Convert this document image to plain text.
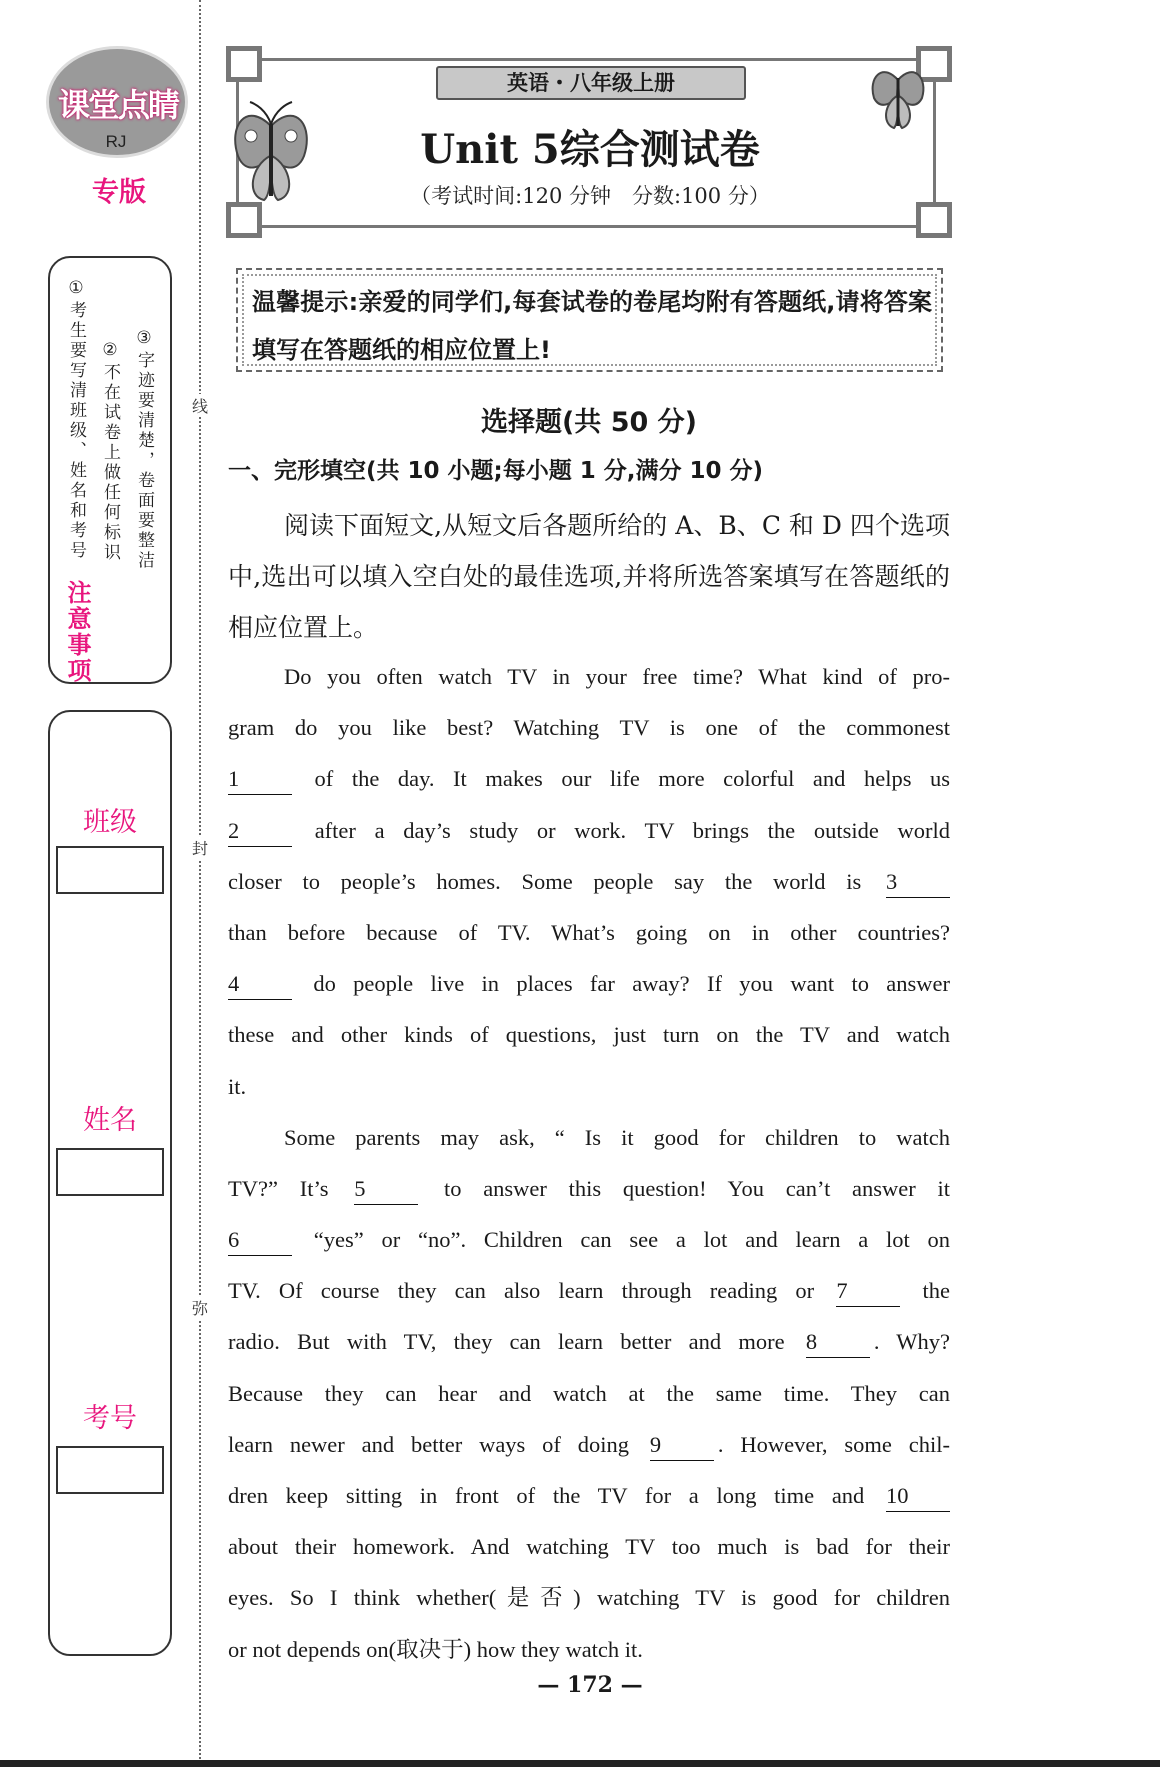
课堂点睛
RJ
专版
注意事项
①考生要写清班级、姓名和考号 ②不在试卷上做任何标识 ③字迹要清楚，卷面要整洁
班级
姓名
考号
线
封
弥
英语・八年级上册
Unit 5综合测试卷
（考试时间:120 分钟　分数:100 分）
温馨提示:亲爱的同学们,每套试卷的卷尾均附有答题纸,请将答案填写在答题纸的相应位置上!
选择题(共 50 分)
一、完形填空(共 10 小题;每小题 1 分,满分 10 分)
阅读下面短文,从短文后各题所给的 A、B、C 和 D 四个选项中,选出可以填入空白处的最佳选项,并将所选答案填写在答题纸的相应位置上。
Do you often watch TV in your free time? What kind of pro-
gram do you like best? Watching TV is one of the commonest
1	of the day. It makes our life more colorful and helps us
2	after a day’s study or work. TV brings the outside world
closer to people’s homes. Some people say the world is 3
than before because of TV. What’s going on in other countries?
4	do people live in places far away? If you want to answer
these and other kinds of questions, just turn on the TV and watch
it.
Some parents may ask, “ Is it good for children to watch
TV?” It’s 5	to answer this question! You can’t answer it
6	“yes” or “no”. Children can see a lot and learn a lot on
TV. Of course they can also learn through reading or 7	the
radio. But with TV, they can learn better and more 8	. Why?
Because they can hear and watch at the same time. They can
learn newer and better ways of doing 9	. However, some chil-
dren keep sitting in front of the TV for a long time and 10
about their homework. And watching TV too much is bad for their
eyes. So I think whether(是否) watching TV is good for children
or not depends on(取决于) how they watch it.
— 172 —
